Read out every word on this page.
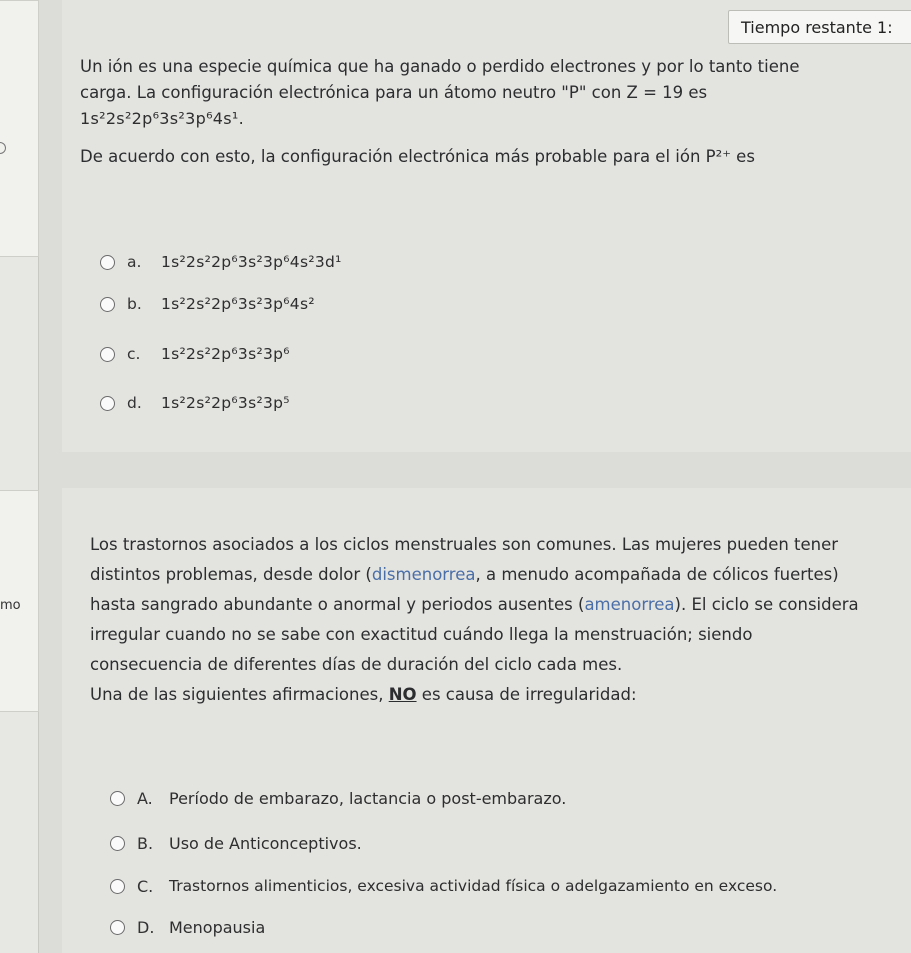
mo
Tiempo restante 1:
Un ión es una especie química que ha ganado o perdido electrones y por lo tanto tiene
carga. La configuración electrónica para un átomo neutro "P" con Z = 19 es
1s²2s²2p⁶3s²3p⁶4s¹.
De acuerdo con esto, la configuración electrónica más probable para el ión P²⁺ es
a.	1s²2s²2p⁶3s²3p⁶4s²3d¹
b.	1s²2s²2p⁶3s²3p⁶4s²
c.	1s²2s²2p⁶3s²3p⁶
d.	1s²2s²2p⁶3s²3p⁵
Los trastornos asociados a los ciclos menstruales son comunes. Las mujeres pueden tener
distintos problemas, desde dolor (dismenorrea, a menudo acompañada de cólicos fuertes)
hasta sangrado abundante o anormal y periodos ausentes (amenorrea). El ciclo se considera
irregular cuando no se sabe con exactitud cuándo llega la menstruación; siendo
consecuencia de diferentes días de duración del ciclo cada mes.
Una de las siguientes afirmaciones, NO es causa de irregularidad:
A.	Período de embarazo, lactancia o post-embarazo.
B. Uso de Anticonceptivos.
C.	Trastornos alimenticios, excesiva actividad física o adelgazamiento en exceso.
D. Menopausia
